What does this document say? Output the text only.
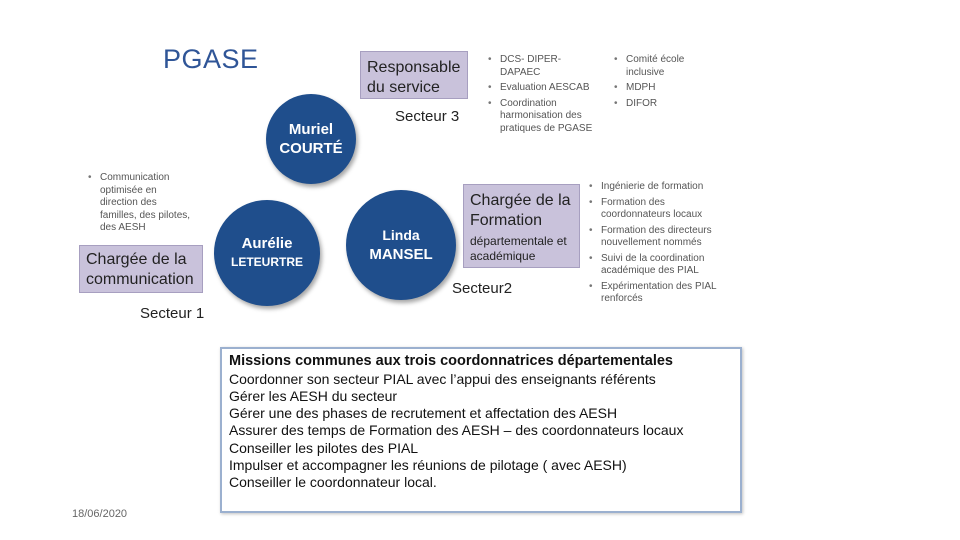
PGASE	Responsable du service
Secteur 3
• DCS- DIPER-DAPAEC
• Evaluation AESCAB
• Coordination harmonisation des pratiques de PGASE
• Comité école inclusive
• MDPH
• DIFOR
Muriel
COURTÉ
Aurélie
LETEURTRE
Linda
MANSEL
• Communication optimisée en direction des familles, des pilotes, des AESH
Chargée de la communication
Secteur 1
Chargée de la Formation
départementale et académique
Secteur2
• Ingénierie de formation
• Formation des coordonnateurs locaux
• Formation des directeurs nouvellement nommés
• Suivi de la coordination académique des PIAL
• Expérimentation des PIAL renforcés
Missions communes aux trois coordonnatrices départementales
Coordonner son secteur PIAL avec l’appui des enseignants référents
Gérer les AESH du secteur
Gérer une des phases de recrutement et affectation des AESH
Assurer des temps de Formation des AESH – des coordonnateurs locaux
Conseiller les pilotes des PIAL
Impulser et accompagner les réunions de pilotage ( avec AESH)
Conseiller le coordonnateur local.
18/06/2020
